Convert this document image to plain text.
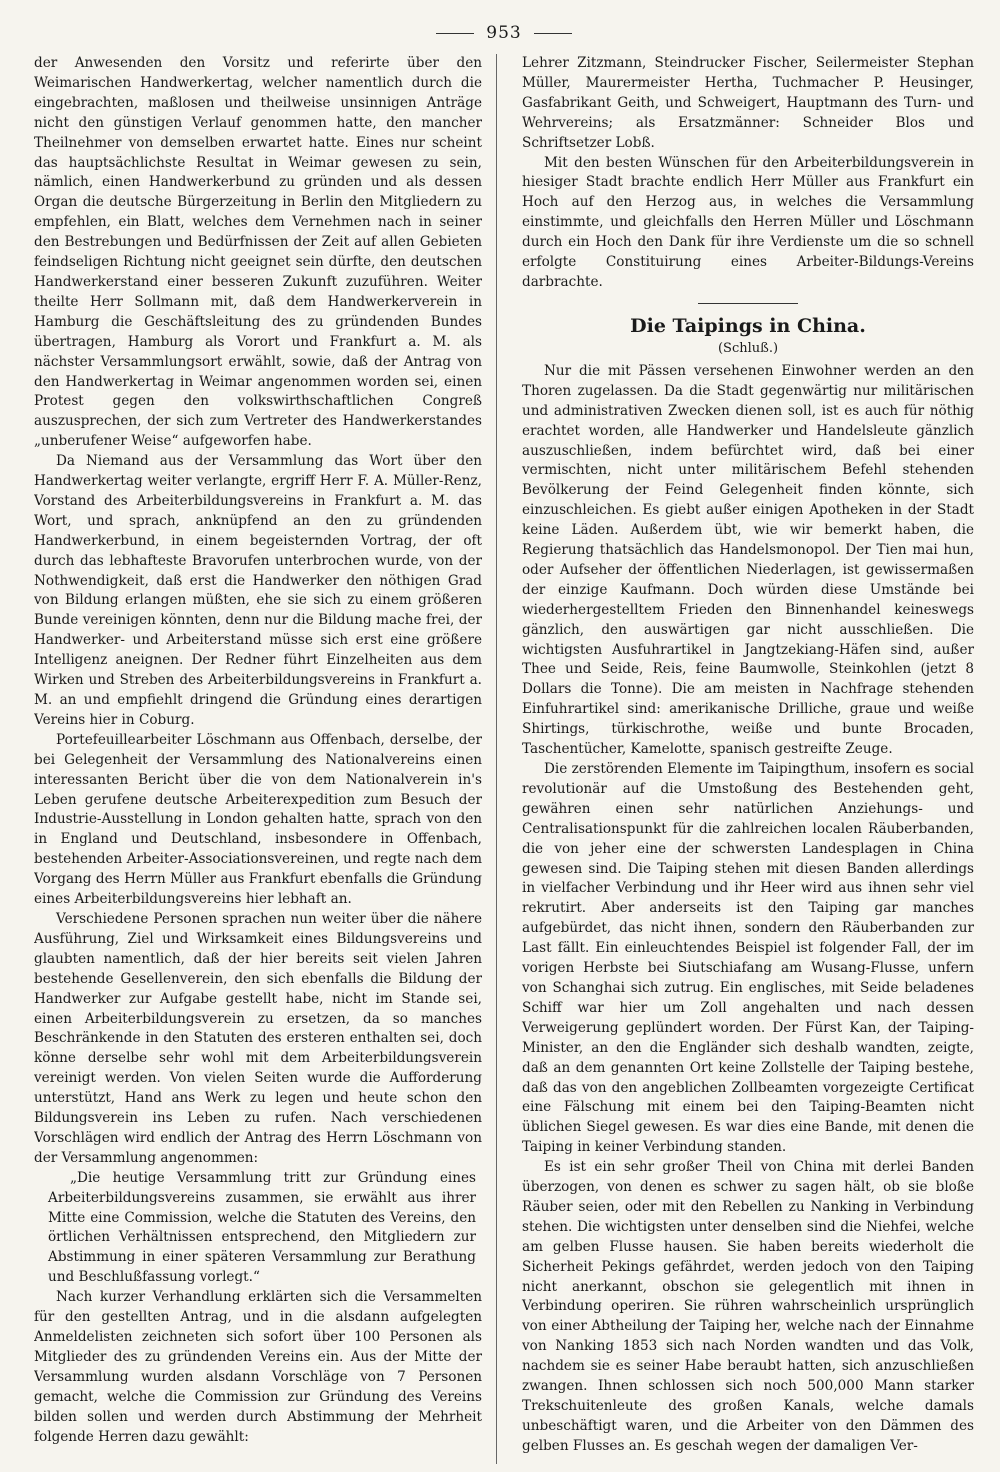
953

der Anwesenden den Vorsitz und referirte über den Weimarischen Handwerkertag, welcher namentlich durch die eingebrachten, maßlosen und theilweise unsinnigen Anträge nicht den günstigen Verlauf genommen hatte, den mancher Theilnehmer von demselben erwartet hatte. Eines nur scheint das hauptsächlichste Resultat in Weimar gewesen zu sein, nämlich, einen Handwerkerbund zu gründen und als dessen Organ die deutsche Bürgerzeitung in Berlin den Mitgliedern zu empfehlen, ein Blatt, welches dem Vernehmen nach in seiner den Bestrebungen und Bedürfnissen der Zeit auf allen Gebieten feindseligen Richtung nicht geeignet sein dürfte, den deutschen Handwerkerstand einer besseren Zukunft zuzuführen. Weiter theilte Herr Sollmann mit, daß dem Handwerkerverein in Hamburg die Geschäftsleitung des zu gründenden Bundes übertragen, Hamburg als Vorort und Frankfurt a. M. als nächster Versammlungsort erwählt, sowie, daß der Antrag von den Handwerkertag in Weimar angenommen worden sei, einen Protest gegen den volkswirthschaftlichen Congreß auszusprechen, der sich zum Vertreter des Handwerkerstandes „unberufener Weise“ aufgeworfen habe.

Da Niemand aus der Versammlung das Wort über den Handwerkertag weiter verlangte, ergriff Herr F. A. Müller-Renz, Vorstand des Arbeiterbildungsvereins in Frankfurt a. M. das Wort, und sprach, anknüpfend an den zu gründenden Handwerkerbund, in einem begeisternden Vortrag, der oft durch das lebhafteste Bravorufen unterbrochen wurde, von der Nothwendigkeit, daß erst die Handwerker den nöthigen Grad von Bildung erlangen müßten, ehe sie sich zu einem größeren Bunde vereinigen könnten, denn nur die Bildung mache frei, der Handwerker- und Arbeiterstand müsse sich erst eine größere Intelligenz aneignen. Der Redner führt Einzelheiten aus dem Wirken und Streben des Arbeiterbildungsvereins in Frankfurt a. M. an und empfiehlt dringend die Gründung eines derartigen Vereins hier in Coburg.

Portefeuillearbeiter Löschmann aus Offenbach, derselbe, der bei Gelegenheit der Versammlung des Nationalvereins einen interessanten Bericht über die von dem Nationalverein in's Leben gerufene deutsche Arbeiterexpedition zum Besuch der Industrie-Ausstellung in London gehalten hatte, sprach von den in England und Deutschland, insbesondere in Offenbach, bestehenden Arbeiter-Associationsvereinen, und regte nach dem Vorgang des Herrn Müller aus Frankfurt ebenfalls die Gründung eines Arbeiterbildungsvereins hier lebhaft an.

Verschiedene Personen sprachen nun weiter über die nähere Ausführung, Ziel und Wirksamkeit eines Bildungsvereins und glaubten namentlich, daß der hier bereits seit vielen Jahren bestehende Gesellenverein, den sich ebenfalls die Bildung der Handwerker zur Aufgabe gestellt habe, nicht im Stande sei, einen Arbeiterbildungsverein zu ersetzen, da so manches Beschränkende in den Statuten des ersteren enthalten sei, doch könne derselbe sehr wohl mit dem Arbeiterbildungsverein vereinigt werden. Von vielen Seiten wurde die Aufforderung unterstützt, Hand ans Werk zu legen und heute schon den Bildungsverein ins Leben zu rufen. Nach verschiedenen Vorschlägen wird endlich der Antrag des Herrn Löschmann von der Versammlung angenommen:

„Die heutige Versammlung tritt zur Gründung eines Arbeiterbildungsvereins zusammen, sie erwählt aus ihrer Mitte eine Commission, welche die Statuten des Vereins, den örtlichen Verhältnissen entsprechend, den Mitgliedern zur Abstimmung in einer späteren Versammlung zur Berathung und Beschlußfassung vorlegt.“

Nach kurzer Verhandlung erklärten sich die Versammelten für den gestellten Antrag, und in die alsdann aufgelegten Anmeldelisten zeichneten sich sofort über 100 Personen als Mitglieder des zu gründenden Vereins ein. Aus der Mitte der Versammlung wurden alsdann Vorschläge von 7 Personen gemacht, welche die Commission zur Gründung des Vereins bilden sollen und werden durch Abstimmung der Mehrheit folgende Herren dazu gewählt:

Lehrer Zitzmann, Steindrucker Fischer, Seilermeister Stephan Müller, Maurermeister Hertha, Tuchmacher P. Heusinger, Gasfabrikant Geith, und Schweigert, Hauptmann des Turn- und Wehrvereins; als Ersatzmänner: Schneider Blos und Schriftsetzer Lobß.

Mit den besten Wünschen für den Arbeiterbildungsverein in hiesiger Stadt brachte endlich Herr Müller aus Frankfurt ein Hoch auf den Herzog aus, in welches die Versammlung einstimmte, und gleichfalls den Herren Müller und Löschmann durch ein Hoch den Dank für ihre Verdienste um die so schnell erfolgte Constituirung eines Arbeiter-Bildungs-Vereins darbrachte.

Die Taipings in China.
(Schluß.)

Nur die mit Pässen versehenen Einwohner werden an den Thoren zugelassen. Da die Stadt gegenwärtig nur militärischen und administrativen Zwecken dienen soll, ist es auch für nöthig erachtet worden, alle Handwerker und Handelsleute gänzlich auszuschließen, indem befürchtet wird, daß bei einer vermischten, nicht unter militärischem Befehl stehenden Bevölkerung der Feind Gelegenheit finden könnte, sich einzuschleichen. Es giebt außer einigen Apotheken in der Stadt keine Läden. Außerdem übt, wie wir bemerkt haben, die Regierung thatsächlich das Handelsmonopol. Der Tien mai hun, oder Aufseher der öffentlichen Niederlagen, ist gewissermaßen der einzige Kaufmann. Doch würden diese Umstände bei wiederhergestelltem Frieden den Binnenhandel keineswegs gänzlich, den auswärtigen gar nicht ausschließen. Die wichtigsten Ausfuhrartikel in Jangtzekiang-Häfen sind, außer Thee und Seide, Reis, feine Baumwolle, Steinkohlen (jetzt 8 Dollars die Tonne). Die am meisten in Nachfrage stehenden Einfuhrartikel sind: amerikanische Drilliche, graue und weiße Shirtings, türkischrothe, weiße und bunte Brocaden, Taschentücher, Kamelotte, spanisch gestreifte Zeuge.

Die zerstörenden Elemente im Taipingthum, insofern es social revolutionär auf die Umstoßung des Bestehenden geht, gewähren einen sehr natürlichen Anziehungs- und Centralisationspunkt für die zahlreichen localen Räuberbanden, die von jeher eine der schwersten Landesplagen in China gewesen sind. Die Taiping stehen mit diesen Banden allerdings in vielfacher Verbindung und ihr Heer wird aus ihnen sehr viel rekrutirt. Aber anderseits ist den Taiping gar manches aufgebürdet, das nicht ihnen, sondern den Räuberbanden zur Last fällt. Ein einleuchtendes Beispiel ist folgender Fall, der im vorigen Herbste bei Siutschiafang am Wusang-Flusse, unfern von Schanghai sich zutrug. Ein englisches, mit Seide beladenes Schiff war hier um Zoll angehalten und nach dessen Verweigerung geplündert worden. Der Fürst Kan, der Taiping-Minister, an den die Engländer sich deshalb wandten, zeigte, daß an dem genannten Ort keine Zollstelle der Taiping bestehe, daß das von den angeblichen Zollbeamten vorgezeigte Certificat eine Fälschung mit einem bei den Taiping-Beamten nicht üblichen Siegel gewesen. Es war dies eine Bande, mit denen die Taiping in keiner Verbindung standen.

Es ist ein sehr großer Theil von China mit derlei Banden überzogen, von denen es schwer zu sagen hält, ob sie bloße Räuber seien, oder mit den Rebellen zu Nanking in Verbindung stehen. Die wichtigsten unter denselben sind die Niehfei, welche am gelben Flusse hausen. Sie haben bereits wiederholt die Sicherheit Pekings gefährdet, werden jedoch von den Taiping nicht anerkannt, obschon sie gelegentlich mit ihnen in Verbindung operiren. Sie rühren wahrscheinlich ursprünglich von einer Abtheilung der Taiping her, welche nach der Einnahme von Nanking 1853 sich nach Norden wandten und das Volk, nachdem sie es seiner Habe beraubt hatten, sich anzuschließen zwangen. Ihnen schlossen sich noch 500,000 Mann starker Trekschuitenleute des großen Kanals, welche damals unbeschäftigt waren, und die Arbeiter von den Dämmen des gelben Flusses an. Es geschah wegen der damaligen Ver-
